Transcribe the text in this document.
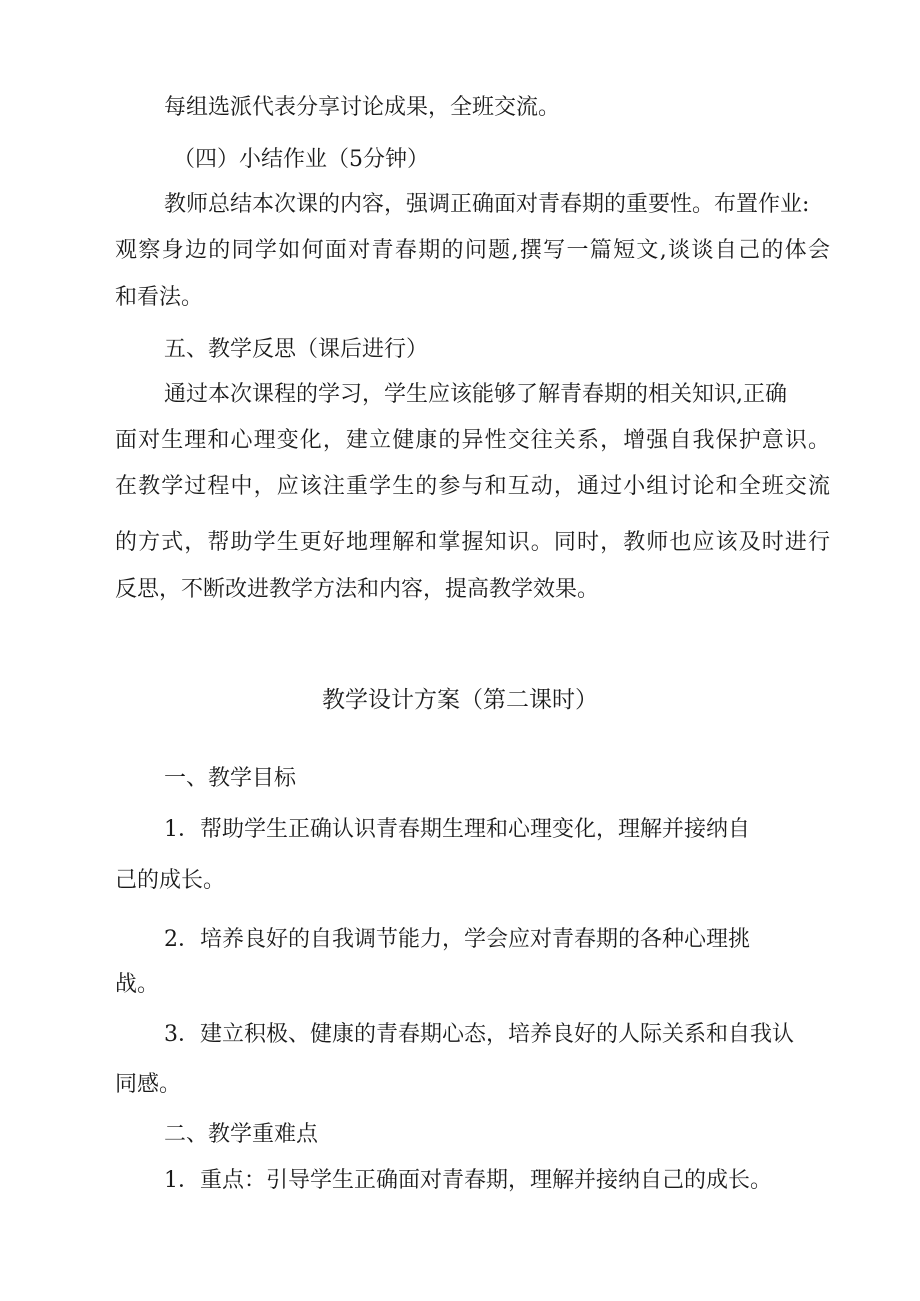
每组选派代表分享讨论成果，全班交流。

（四）小结作业（5分钟）

教师总结本次课的内容，强调正确面对青春期的重要性。布置作业:

观察身边的同学如何面对青春期的问题,撰写一篇短文,谈谈自己的体会

和看法。

五、教学反思（课后进行）

通过本次课程的学习，学生应该能够了解青春期的相关知识,正确

面对生理和心理变化，建立健康的异性交往关系，增强自我保护意识。

在教学过程中，应该注重学生的参与和互动，通过小组讨论和全班交流

的方式，帮助学生更好地理解和掌握知识。同时，教师也应该及时进行

反思，不断改进教学方法和内容，提高教学效果。

教学设计方案（第二课时）

一、教学目标

1．帮助学生正确认识青春期生理和心理变化，理解并接纳自

己的成长。

2．培养良好的自我调节能力，学会应对青春期的各种心理挑

战。

3．建立积极、健康的青春期心态，培养良好的人际关系和自我认

同感。

二、教学重难点

1．重点：引导学生正确面对青春期，理解并接纳自己的成长。
